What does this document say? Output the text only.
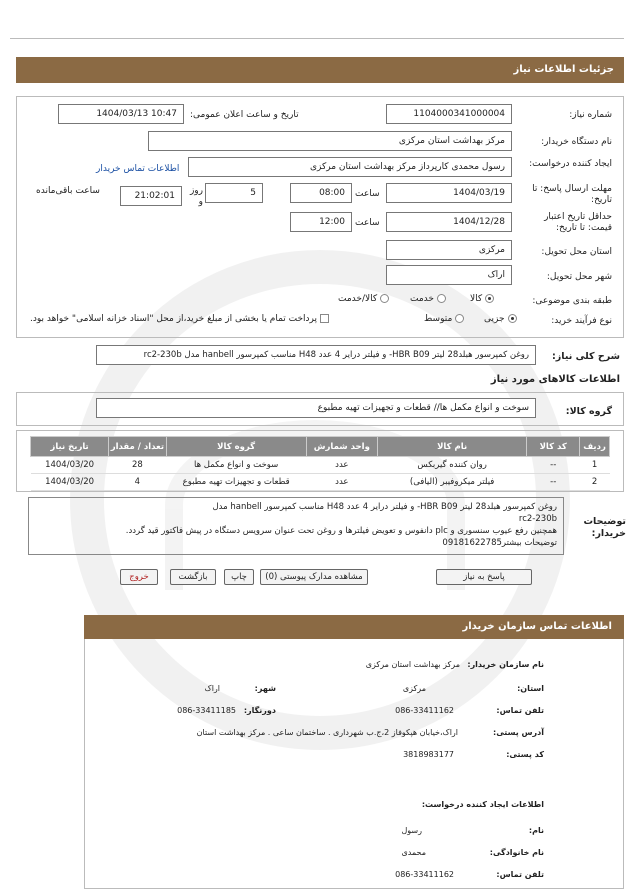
جزئیات اطلاعات نیاز
شماره نیاز:
1104000341000004
تاریخ و ساعت اعلان عمومی:
1404/03/13 10:47
نام دستگاه خریدار:
مرکز بهداشت استان مرکزی
ایجاد کننده درخواست:
رسول محمدی کارپرداز مرکز بهداشت استان مرکزی
اطلاعات تماس خریدار
مهلت ارسال پاسخ: تا تاریخ:
1404/03/19
ساعت
08:00
5
روز و
21:02:01
ساعت باقی‌مانده
حداقل تاریخ اعتبار قیمت: تا تاریخ:
1404/12/28
ساعت
12:00
استان محل تحویل:
مرکزی
شهر محل تحویل:
اراک
طبقه بندی موضوعی:
کالا
خدمت
کالا/خدمت
نوع فرآیند خرید:
جزیی
متوسط
پرداخت تمام یا بخشی از مبلغ خرید،از محل "اسناد خزانه اسلامی" خواهد بود.
شرح کلی نیاز:
روغن کمپرسور هبلد28 لیتر HBR B09- و فیلتر درایر 4 عدد H48 مناسب کمپرسور hanbell مدل rc2-230b
اطلاعات کالاهای مورد نیاز
گروه کالا:
سوخت و انواع مکمل ها// قطعات و تجهیزات تهیه مطبوع
ردیف	کد کالا	نام کالا	واحد شمارش	گروه کالا	تعداد / مقدار	تاریخ نیاز
1	--	روان کننده گیربکس	عدد	سوخت و انواع مکمل ها	28	1404/03/20
2	--	فیلتر میکروفیبر (الیافی)	عدد	قطعات و تجهیزات تهیه مطبوع	4	1404/03/20
توضیحات خریدار:
روغن کمپرسور هبلد28 لیتر HBR B09- و فیلتر درایر 4 عدد H48 مناسب کمپرسور hanbell مدل
rc2-230b
همچنین رفع عیوب سنسوری و plc دانفوس و تعویض فیلترها و روغن تحت عنوان سرویس دستگاه در پیش فاکتور قید گردد.
توضیحات بیشتر09181622785
پاسخ به نیاز
مشاهده مدارک پیوستی (0)
چاپ
بازگشت
خروج
اطلاعات تماس سازمان خریدار
نام سازمان خریدار:
مرکز بهداشت استان مرکزی
استان:
مرکزی
شهر:
اراک
تلفن تماس:
086-33411162
دورنگار:
086-33411185
آدرس پستی:
اراک،خیابان هپکوفاز 2،ج.ب شهرداری . ساختمان ساعی . مرکز بهداشت استان
کد پستی:
3818983177
اطلاعات ایجاد کننده درخواست:
نام:
رسول
نام خانوادگی:
محمدی
تلفن تماس:
086-33411162
